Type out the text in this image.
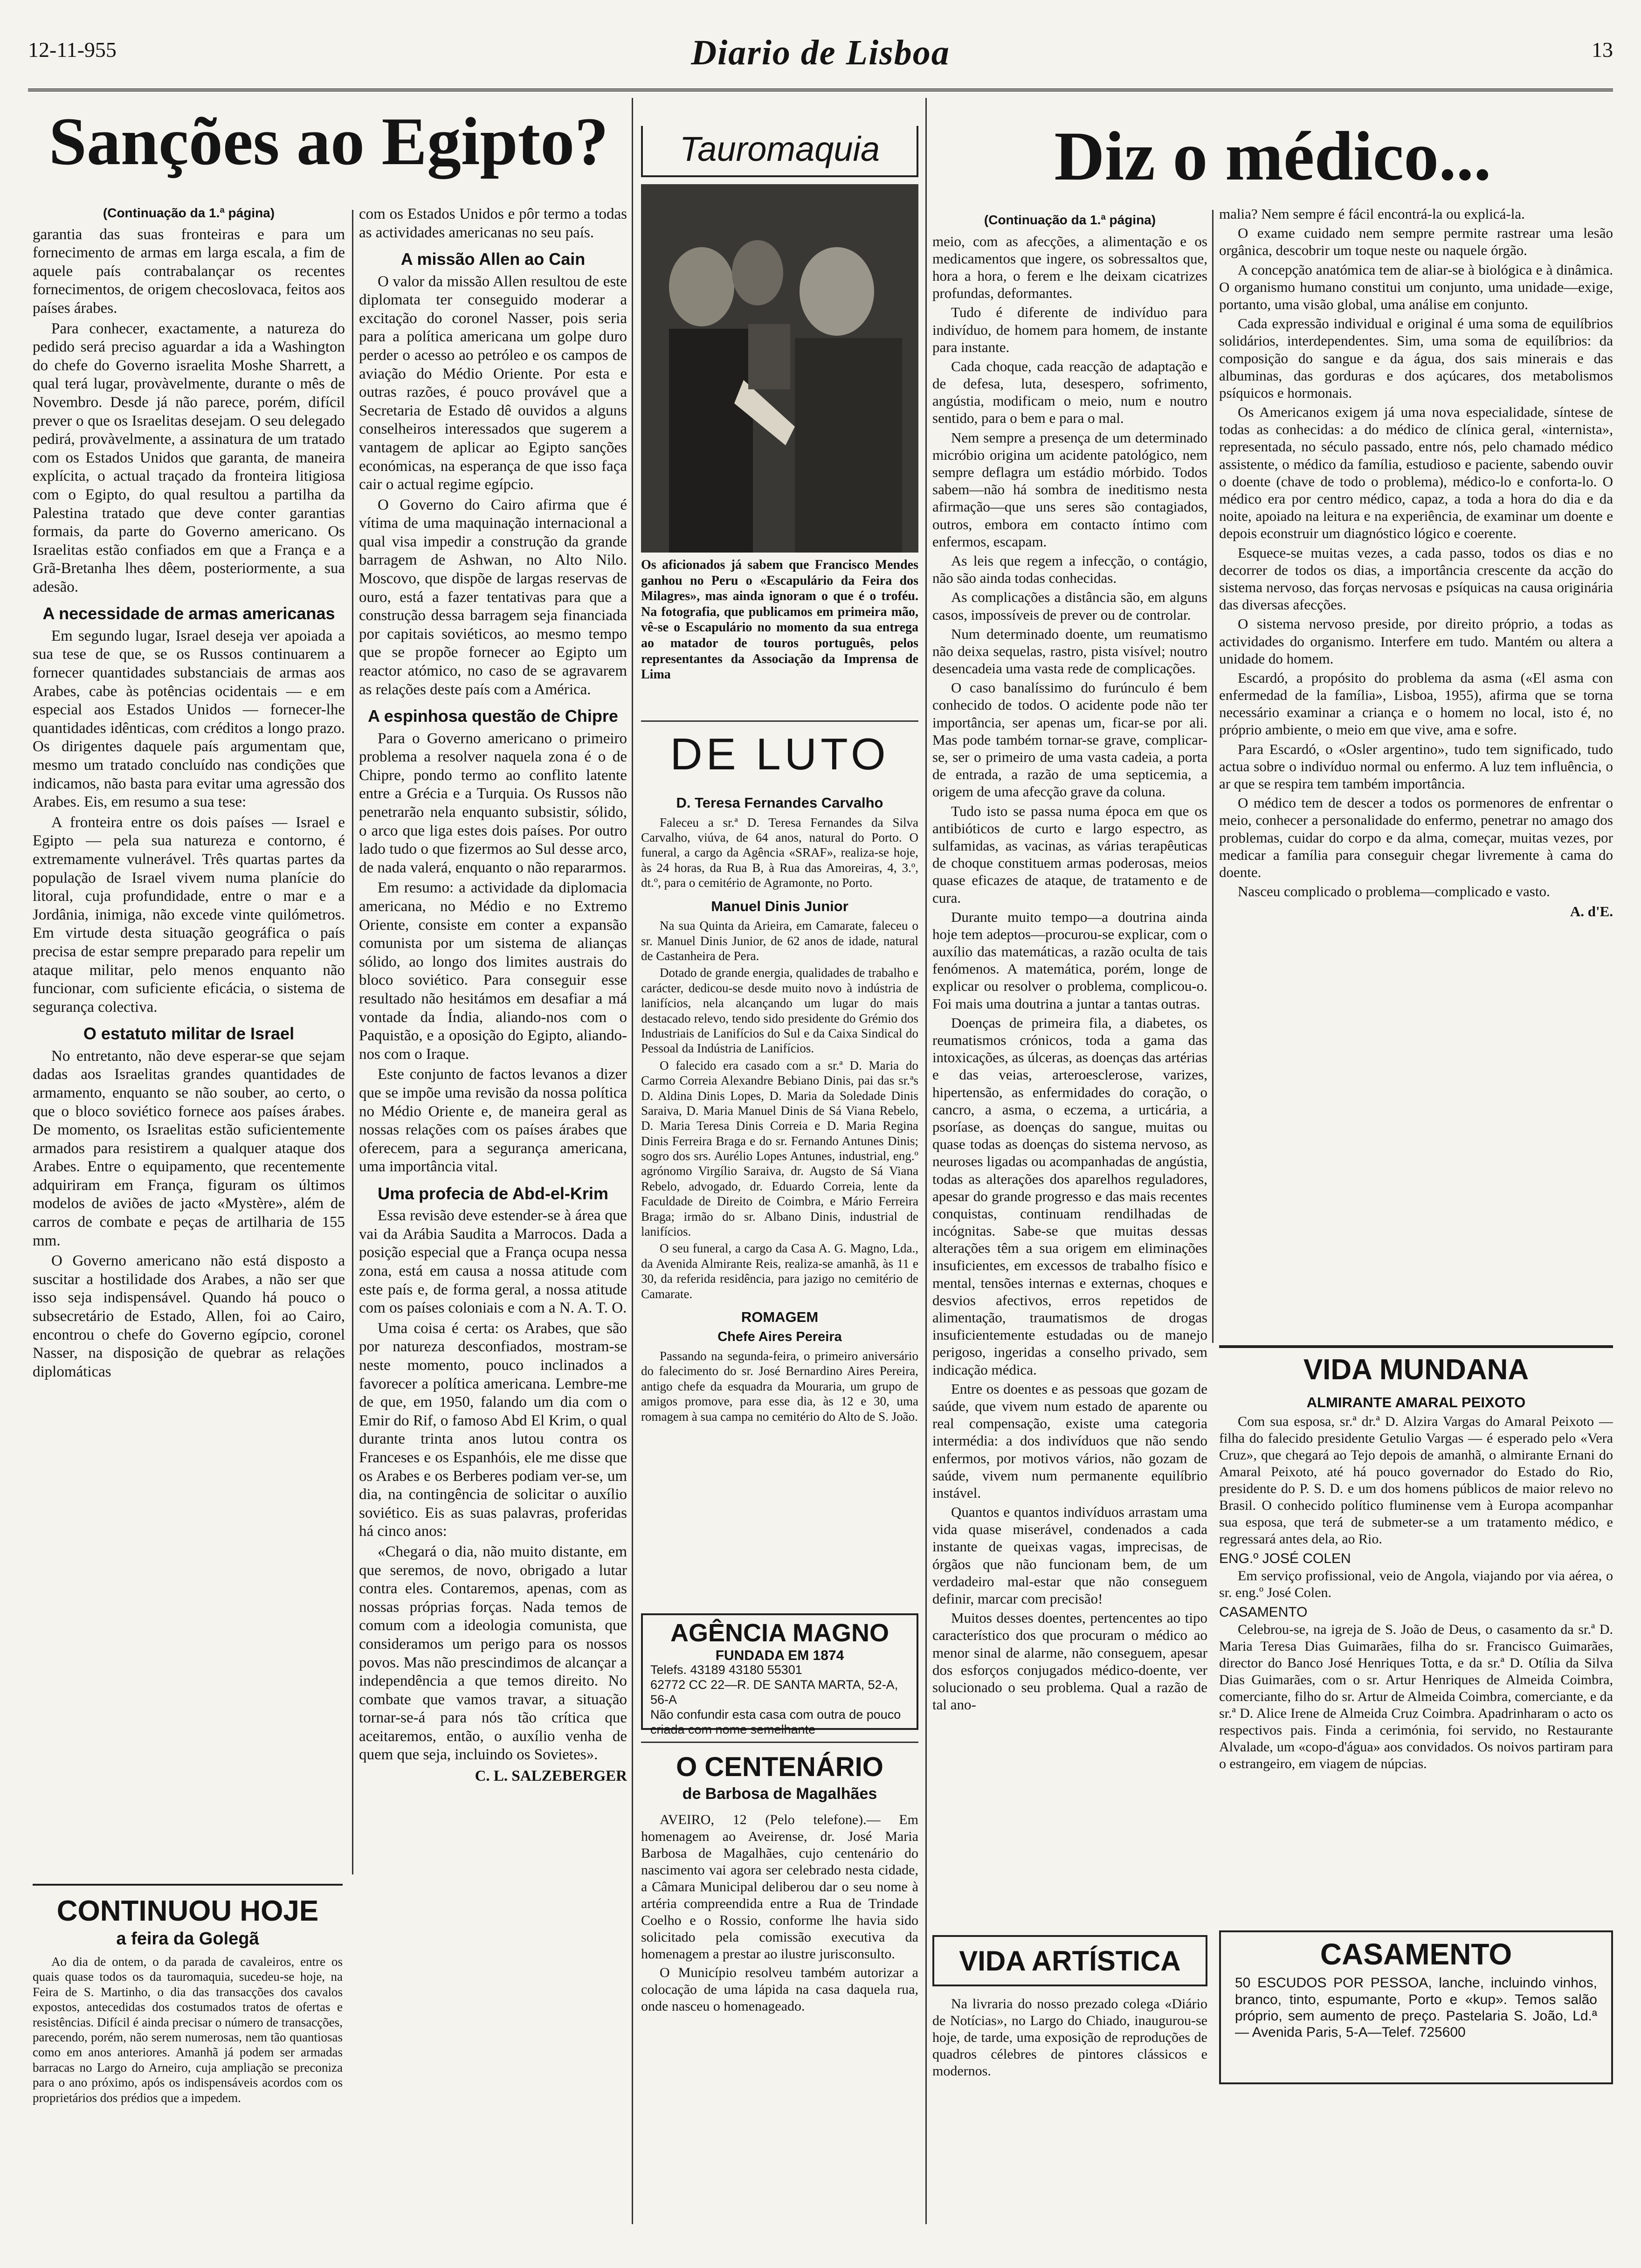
12-11-955	Diario de Lisboa	13
Sanções ao Egipto?
(Continuação da 1.ª página)

garantia das suas fronteiras e para um fornecimento de armas em larga escala, a fim de aquele país contrabalançar os recentes fornecimentos, de origem checoslovaca, feitos aos países árabes.

Para conhecer, exactamente, a natureza do pedido será preciso aguardar a ida a Washington do chefe do Governo israelita Moshe Sharrett, a qual terá lugar, provàvelmente, durante o mês de Novembro. Desde já não parece, porém, difícil prever o que os Israelitas desejam. O seu delegado pedirá, provàvelmente, a assinatura de um tratado com os Estados Unidos que garanta, de maneira explícita, o actual traçado da fronteira litigiosa com o Egipto, do qual resultou a partilha da Palestina tratado que deve conter garantias formais, da parte do Governo americano. Os Israelitas estão confiados em que a França e a Grã-Bretanha lhes dêem, posteriormente, a sua adesão.

A necessidade de armas americanas

Em segundo lugar, Israel deseja ver apoiada a sua tese de que, se os Russos continuarem a fornecer quantidades substanciais de armas aos Arabes, cabe às potências ocidentais — e em especial aos Estados Unidos — fornecer-lhe quantidades idênticas, com créditos a longo prazo. Os dirigentes daquele país argumentam que, mesmo um tratado concluído nas condições que indicamos, não basta para evitar uma agressão dos Arabes. Eis, em resumo a sua tese:

A fronteira entre os dois países — Israel e Egipto — pela sua natureza e contorno, é extremamente vulnerável. Três quartas partes da população de Israel vivem numa planície do litoral, cuja profundidade, entre o mar e a Jordânia, inimiga, não excede vinte quilómetros. Em virtude desta situação geográfica o país precisa de estar sempre preparado para repelir um ataque militar, pelo menos enquanto não funcionar, com suficiente eficácia, o sistema de segurança colectiva.

O estatuto militar de Israel

No entretanto, não deve esperar-se que sejam dadas aos Israelitas grandes quantidades de armamento, enquanto se não souber, ao certo, o que o bloco soviético fornece aos países árabes. De momento, os Israelitas estão suficientemente armados para resistirem a qualquer ataque dos Arabes. Entre o equipamento, que recentemente adquiriram em França, figuram os últimos modelos de aviões de jacto «Mystère», além de carros de combate e peças de artilharia de 155 mm.

O Governo americano não está disposto a suscitar a hostilidade dos Arabes, a não ser que isso seja indispensável. Quando há pouco o subsecretário de Estado, Allen, foi ao Cairo, encontrou o chefe do Governo egípcio, coronel Nasser, na disposição de quebrar as relações diplomáticas

com os Estados Unidos e pôr termo a todas as actividades americanas no seu país.

A missão Allen ao Cain

O valor da missão Allen resultou de este diplomata ter conseguido moderar a excitação do coronel Nasser, pois seria para a política americana um golpe duro perder o acesso ao petróleo e os campos de aviação do Médio Oriente. Por esta e outras razões, é pouco provável que a Secretaria de Estado dê ouvidos a alguns conselheiros interessados que sugerem a vantagem de aplicar ao Egipto sanções económicas, na esperança de que isso faça cair o actual regime egípcio.

O Governo do Cairo afirma que é vítima de uma maquinação internacional a qual visa impedir a construção da grande barragem de Ashwan, no Alto Nilo. Moscovo, que dispõe de largas reservas de ouro, está a fazer tentativas para que a construção dessa barragem seja financiada por capitais soviéticos, ao mesmo tempo que se propõe fornecer ao Egipto um reactor atómico, no caso de se agravarem as relações deste país com a América.

A espinhosa questão de Chipre

Para o Governo americano o primeiro problema a resolver naquela zona é o de Chipre, pondo termo ao conflito latente entre a Grécia e a Turquia. Os Russos não penetrarão nela enquanto subsistir, sólido, o arco que liga estes dois países. Por outro lado tudo o que fizermos ao Sul desse arco, de nada valerá, enquanto o não repararmos.

Em resumo: a actividade da diplomacia americana, no Médio e no Extremo Oriente, consiste em conter a expansão comunista por um sistema de alianças sólido, ao longo dos limites austrais do bloco soviético. Para conseguir esse resultado não hesitámos em desafiar a má vontade da Índia, aliando-nos com o Paquistão, e a oposição do Egipto, aliando-nos com o Iraque.

Este conjunto de factos levanos a dizer que se impõe uma revisão da nossa política no Médio Oriente e, de maneira geral as nossas relações com os países árabes que oferecem, para a segurança americana, uma importância vital.

Uma profecia de Abd-el-Krim

Essa revisão deve estender-se à área que vai da Arábia Saudita a Marrocos. Dada a posição especial que a França ocupa nessa zona, está em causa a nossa atitude com este país e, de forma geral, a nossa atitude com os países coloniais e com a N. A. T. O.

Uma coisa é certa: os Arabes, que são por natureza desconfiados, mostram-se neste momento, pouco inclinados a favorecer a política americana. Lembre-me de que, em 1950, falando um dia com o Emir do Rif, o famoso Abd El Krim, o qual durante trinta anos lutou contra os Franceses e os Espanhóis, ele me disse que os Arabes e os Berberes podiam ver-se, um dia, na contingência de solicitar o auxílio soviético. Eis as suas palavras, proferidas há cinco anos:

«Chegará o dia, não muito distante, em que seremos, de novo, obrigado a lutar contra eles. Contaremos, apenas, com as nossas próprias forças. Nada temos de comum com a ideologia comunista, que consideramos um perigo para os nossos povos. Mas não prescindimos de alcançar a independência a que temos direito. No combate que vamos travar, a situação tornar-se-á para nós tão crítica que aceitaremos, então, o auxílio venha de quem que seja, incluindo os Sovietes».

C. L. SALZEBERGER
CONTINUOU HOJE
a feira da Golegã

Ao dia de ontem, o da parada de cavaleiros, entre os quais quase todos os da tauromaquia, sucedeu-se hoje, na Feira de S. Martinho, o dia das transacções dos cavalos expostos, antecedidas dos costumados tratos de ofertas e resistências. Difícil é ainda precisar o número de transacções, parecendo, porém, não serem numerosas, nem tão quantiosas como em anos anteriores. Amanhã já podem ser armadas barracas no Largo do Arneiro, cuja ampliação se preconiza para o ano próximo, após os indispensáveis acordos com os proprietários dos prédios que a impedem.

Tauromaquia
Os aficionados já sabem que Francisco Mendes ganhou no Peru o «Escapulário da Feira dos Milagres», mas ainda ignoram o que é o troféu. Na fotografia, que publicamos em primeira mão, vê-se o Escapulário no momento da sua entrega ao matador de touros português, pelos representantes da Associação da Imprensa de Lima
DE LUTO
D. Teresa Fernandes Carvalho

Faleceu a sr.ª D. Teresa Fernandes da Silva Carvalho, viúva, de 64 anos, natural do Porto. O funeral, a cargo da Agência «SRAF», realiza-se hoje, às 24 horas, da Rua B, à Rua das Amoreiras, 4, 3.º, dt.º, para o cemitério de Agramonte, no Porto.

Manuel Dinis Junior

Na sua Quinta da Arieira, em Camarate, faleceu o sr. Manuel Dinis Junior, de 62 anos de idade, natural de Castanheira de Pera.

Dotado de grande energia, qualidades de trabalho e carácter, dedicou-se desde muito novo à indústria de lanifícios, nela alcançando um lugar do mais destacado relevo, tendo sido presidente do Grémio dos Industriais de Lanifícios do Sul e da Caixa Sindical do Pessoal da Indústria de Lanifícios.

O falecido era casado com a sr.ª D. Maria do Carmo Correia Alexandre Bebiano Dinis, pai das sr.ªs D. Aldina Dinis Lopes, D. Maria da Soledade Dinis Saraiva, D. Maria Manuel Dinis de Sá Viana Rebelo, D. Maria Teresa Dinis Correia e D. Maria Regina Dinis Ferreira Braga e do sr. Fernando Antunes Dinis; sogro dos srs. Aurélio Lopes Antunes, industrial, eng.º agrónomo Virgílio Saraiva, dr. Augsto de Sá Viana Rebelo, advogado, dr. Eduardo Correia, lente da Faculdade de Direito de Coimbra, e Mário Ferreira Braga; irmão do sr. Albano Dinis, industrial de lanifícios.

O seu funeral, a cargo da Casa A. G. Magno, Lda., da Avenida Almirante Reis, realiza-se amanhã, às 11 e 30, da referida residência, para jazigo no cemitério de Camarate.

ROMAGEM
Chefe Aires Pereira

Passando na segunda-feira, o primeiro aniversário do falecimento do sr. José Bernardino Aires Pereira, antigo chefe da esquadra da Mouraria, um grupo de amigos promove, para esse dia, às 12 e 30, uma romagem à sua campa no cemitério do Alto de S. João.

AGÊNCIA MAGNO
FUNDADA EM 1874
Telefs. 43189 43180 55301
62772 CC 22—R. DE SANTA MARTA, 52-A, 56-A
Não confundir esta casa com outra de pouco criada com nome semelhante
O CENTENÁRIO
de Barbosa de Magalhães

AVEIRO, 12 (Pelo telefone).— Em homenagem ao Aveirense, dr. José Maria Barbosa de Magalhães, cujo centenário do nascimento vai agora ser celebrado nesta cidade, a Câmara Municipal deliberou dar o seu nome à artéria compreendida entre a Rua de Trindade Coelho e o Rossio, conforme lhe havia sido solicitado pela comissão executiva da homenagem a prestar ao ilustre jurisconsulto.

O Município resolveu também autorizar a colocação de uma lápida na casa daquela rua, onde nasceu o homenageado.

Diz o médico...
(Continuação da 1.ª página)

meio, com as afecções, a alimentação e os medicamentos que ingere, os sobressaltos que, hora a hora, o ferem e lhe deixam cicatrizes profundas, deformantes.

Tudo é diferente de indivíduo para indivíduo, de homem para homem, de instante para instante.

Cada choque, cada reacção de adaptação e de defesa, luta, desespero, sofrimento, angústia, modificam o meio, num e noutro sentido, para o bem e para o mal.

Nem sempre a presença de um determinado micróbio origina um acidente patológico, nem sempre deflagra um estádio mórbido. Todos sabem—não há sombra de ineditismo nesta afirmação—que uns seres são contagiados, outros, embora em contacto íntimo com enfermos, escapam.

As leis que regem a infecção, o contágio, não são ainda todas conhecidas.

As complicações a distância são, em alguns casos, impossíveis de prever ou de controlar.

Num determinado doente, um reumatismo não deixa sequelas, rastro, pista visível; noutro desencadeia uma vasta rede de complicações.

O caso banalíssimo do furúnculo é bem conhecido de todos. O acidente pode não ter importância, ser apenas um, ficar-se por ali. Mas pode também tornar-se grave, complicar-se, ser o primeiro de uma vasta cadeia, a porta de entrada, a razão de uma septicemia, a origem de uma afecção grave da coluna.

Tudo isto se passa numa época em que os antibióticos de curto e largo espectro, as sulfamidas, as vacinas, as várias terapêuticas de choque constituem armas poderosas, meios quase eficazes de ataque, de tratamento e de cura.

Durante muito tempo—a doutrina ainda hoje tem adeptos—procurou-se explicar, com o auxílio das matemáticas, a razão oculta de tais fenómenos. A matemática, porém, longe de explicar ou resolver o problema, complicou-o. Foi mais uma doutrina a juntar a tantas outras.

Doenças de primeira fila, a diabetes, os reumatismos crónicos, toda a gama das intoxicações, as úlceras, as doenças das artérias e das veias, arteroesclerose, varizes, hipertensão, as enfermidades do coração, o cancro, a asma, o eczema, a urticária, a psoríase, as doenças do sangue, muitas ou quase todas as doenças do sistema nervoso, as neuroses ligadas ou acompanhadas de angústia, todas as alterações dos aparelhos reguladores, apesar do grande progresso e das mais recentes conquistas, continuam rendilhadas de incógnitas. Sabe-se que muitas dessas alterações têm a sua origem em eliminações insuficientes, em excessos de trabalho físico e mental, tensões internas e externas, choques e desvios afectivos, erros repetidos de alimentação, traumatismos de drogas insuficientemente estudadas ou de manejo perigoso, ingeridas a conselho privado, sem indicação médica.

Entre os doentes e as pessoas que gozam de saúde, que vivem num estado de aparente ou real compensação, existe uma categoria intermédia: a dos indivíduos que não sendo enfermos, por motivos vários, não gozam de saúde, vivem num permanente equilíbrio instável.

Quantos e quantos indivíduos arrastam uma vida quase miserável, condenados a cada instante de queixas vagas, imprecisas, de órgãos que não funcionam bem, de um verdadeiro mal-estar que não conseguem definir, marcar com precisão!

Muitos desses doentes, pertencentes ao tipo característico dos que procuram o médico ao menor sinal de alarme, não conseguem, apesar dos esforços conjugados médico-doente, ver solucionado o seu problema. Qual a razão de tal ano-

VIDA ARTÍSTICA

Na livraria do nosso prezado colega «Diário de Notícias», no Largo do Chiado, inaugurou-se hoje, de tarde, uma exposição de reproduções de quadros célebres de pintores clássicos e modernos.

malia? Nem sempre é fácil encontrá-la ou explicá-la.

O exame cuidado nem sempre permite rastrear uma lesão orgânica, descobrir um toque neste ou naquele órgão.

A concepção anatómica tem de aliar-se à biológica e à dinâmica. O organismo humano constitui um conjunto, uma unidade—exige, portanto, uma visão global, uma análise em conjunto.

Cada expressão individual e original é uma soma de equilíbrios solidários, interdependentes. Sim, uma soma de equilíbrios: da composição do sangue e da água, dos sais minerais e das albuminas, das gorduras e dos açúcares, dos metabolismos psíquicos e hormonais.

Os Americanos exigem já uma nova especialidade, síntese de todas as conhecidas: a do médico de clínica geral, «internista», representada, no século passado, entre nós, pelo chamado médico assistente, o médico da família, estudioso e paciente, sabendo ouvir o doente (chave de todo o problema), médico-lo e conforta-lo. O médico era por centro médico, capaz, a toda a hora do dia e da noite, apoiado na leitura e na experiência, de examinar um doente e depois econstruir um diagnóstico lógico e coerente.

Esquece-se muitas vezes, a cada passo, todos os dias e no decorrer de todos os dias, a importância crescente da acção do sistema nervoso, das forças nervosas e psíquicas na causa originária das diversas afecções.

O sistema nervoso preside, por direito próprio, a todas as actividades do organismo. Interfere em tudo. Mantém ou altera a unidade do homem.

Escardó, a propósito do problema da asma («El asma con enfermedad de la família», Lisboa, 1955), afirma que se torna necessário examinar a criança e o homem no local, isto é, no próprio ambiente, o meio em que vive, ama e sofre.

Para Escardó, o «Osler argentino», tudo tem significado, tudo actua sobre o indivíduo normal ou enfermo. A luz tem influência, o ar que se respira tem também importância.

O médico tem de descer a todos os pormenores de enfrentar o meio, conhecer a personalidade do enfermo, penetrar no amago dos problemas, cuidar do corpo e da alma, começar, muitas vezes, por medicar a família para conseguir chegar livremente à cama do doente.

Nasceu complicado o problema—complicado e vasto.

A. d'E.
VIDA MUNDANA
ALMIRANTE AMARAL PEIXOTO

Com sua esposa, sr.ª dr.ª D. Alzira Vargas do Amaral Peixoto — filha do falecido presidente Getulio Vargas — é esperado pelo «Vera Cruz», que chegará ao Tejo depois de amanhã, o almirante Ernani do Amaral Peixoto, até há pouco governador do Estado do Rio, presidente do P. S. D. e um dos homens públicos de maior relevo no Brasil. O conhecido político fluminense vem à Europa acompanhar sua esposa, que terá de submeter-se a um tratamento médico, e regressará antes dela, ao Rio.

ENG.º JOSÉ COLEN

Em serviço profissional, veio de Angola, viajando por via aérea, o sr. eng.º José Colen.

CASAMENTO

Celebrou-se, na igreja de S. João de Deus, o casamento da sr.ª D. Maria Teresa Dias Guimarães, filha do sr. Francisco Guimarães, director do Banco José Henriques Totta, e da sr.ª D. Otília da Silva Dias Guimarães, com o sr. Artur Henriques de Almeida Coimbra, comerciante, filho do sr. Artur de Almeida Coimbra, comerciante, e da sr.ª D. Alice Irene de Almeida Cruz Coimbra. Apadrinharam o acto os respectivos pais. Finda a cerimónia, foi servido, no Restaurante Alvalade, um «copo-d'água» aos convidados. Os noivos partiram para o estrangeiro, em viagem de núpcias.

CASAMENTO
50 ESCUDOS POR PESSOA, lanche, incluindo vinhos, branco, tinto, espumante, Porto e «kup». Temos salão próprio, sem aumento de preço. Pastelaria S. João, Ld.ª — Avenida Paris, 5-A—Telef. 725600
